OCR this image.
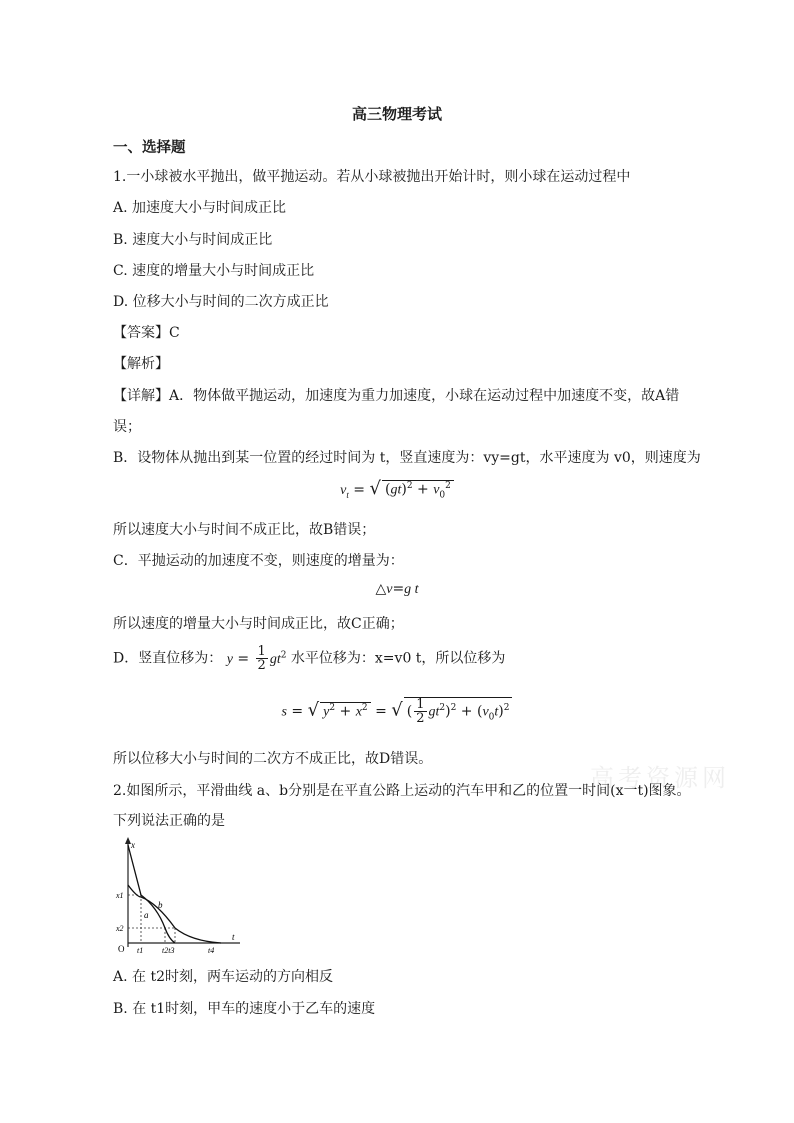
高三物理考试
一、选择题
1.一小球被水平抛出，做平抛运动。若从小球被抛出开始计时，则小球在运动过程中
A. 加速度大小与时间成正比
B. 速度大小与时间成正比
C. 速度的增量大小与时间成正比
D. 位移大小与时间的二次方成正比
【答案】C
【解析】
【详解】A．物体做平抛运动，加速度为重力加速度，小球在运动过程中加速度不变，故A错
误；
B．设物体从抛出到某一位置的经过时间为 t，竖直速度为：vy=gt，水平速度为 v0，则速度为
$v_t$ = √ $(gt)^2 + v_0^2$
所以速度大小与时间不成正比，故B错误；
C．平抛运动的加速度不变，则速度的增量为：
△v=g t
所以速度的增量大小与时间成正比，故C正确；
D．竖直位移为： $y = \frac{1}{2} gt^2$ 水平位移为：x=v0 t，所以位移为
s = √ $y^2 + x^2$ = √ ( $\frac{1}{2} gt^2)^2 + (v_0t)^2$
所以位移大小与时间的二次方不成正比，故D错误。
高考资源网
2.如图所示，平滑曲线 a、b分别是在平直公路上运动的汽车甲和乙的位置一时间(x一t)图象。
下列说法正确的是
x
t
O
x1
x2
t1 t2t3	t4
a
b
A. 在 t2时刻，两车运动的方向相反
B. 在 t1时刻，甲车的速度小于乙车的速度
